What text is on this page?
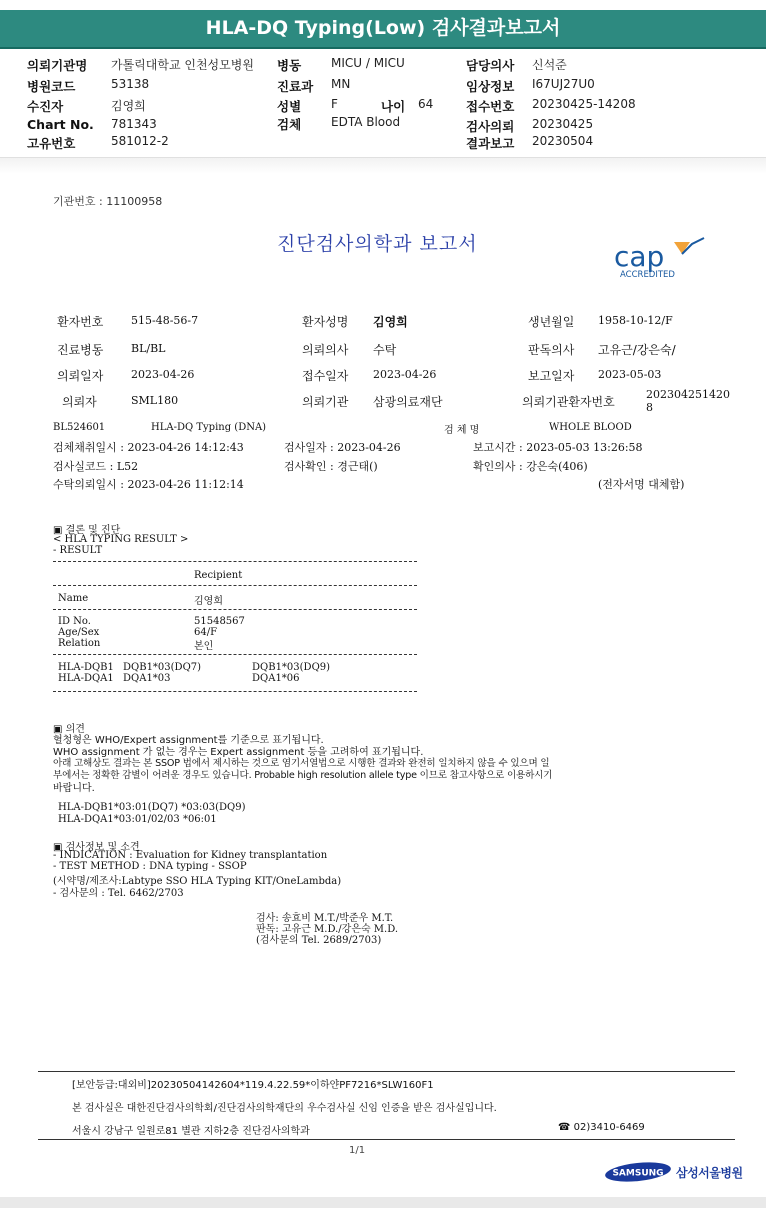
HLA-DQ Typing(Low) 검사결과보고서
의뢰기관명 가톨릭대학교 인천성모병원 병동 MICU / MICU	담당의사 신석준
병원코드	53138	진료과 MN	임상정보 I67UJ27U0
수진자	김영희	성별 F	나이 64	접수번호 20230425-14208
Chart No. 781343	검체 EDTA Blood	검사의뢰 20230425
고유번호	581012-2	결과보고 20230504
기관번호 : 11100958
진단검사의학과 보고서	cap
ACCREDITED
환자번호	515-48-56-7	환자성명 김영희	생년월일 1958-10-12/F
진료병동	BL/BL	의뢰의사 수탁	판독의사 고유근/강은숙/
의뢰일자	2023-04-26	접수일자 2023-04-26	보고일자 2023-05-03
의뢰자	SML180	의뢰기관 삼광의료재단	의뢰기관환자번호
202304251420
8
BL524601	HLA-DQ Typing (DNA)	검 체 명	WHOLE BLOOD
검체채취일시 : 2023-04-26 14:12:43	검사일자 : 2023-04-26	보고시간 : 2023-05-03 13:26:58
검사실코드 : L52	검사확인 : 경근태()	확인의사 : 강은숙(406)
수탁의뢰일시 : 2023-04-26 11:12:14	(전자서명 대체함)
▣ 결론 및 진단
< HLA TYPING RESULT >
- RESULT
Recipient
Name	김영희
ID No.	51548567
Age/Sex	64/F
Relation	본인
HLA-DQB1 DQB1*03(DQ7)	DQB1*03(DQ9)
HLA-DQA1 DQA1*03	DQA1*06
▣ 의견
혈청형은 WHO/Expert assignment를 기준으로 표기됩니다.
WHO assignment 가 없는 경우는 Expert assignment 등을 고려하여 표기됩니다.
아래 고해상도 결과는 본 SSOP 법에서 제시하는 것으로 염기서열법으로 시행한 결과와 완전히 일치하지 않을 수 있으며 일
부에서는 정확한 감별이 어려운 경우도 있습니다. Probable high resolution allele type 이므로 참고사항으로 이용하시기
바랍니다.
HLA-DQB1*03:01(DQ7) *03:03(DQ9)
HLA-DQA1*03:01/02/03 *06:01
▣ 검사정보 및 소견
- INDICATION : Evaluation for Kidney transplantation
- TEST METHOD : DNA typing - SSOP
(시약명/제조사:Labtype SSO HLA Typing KIT/OneLambda)
- 검사문의 : Tel. 6462/2703
검사: 송효비 M.T./박준우 M.T.
판독: 고유근 M.D./강은숙 M.D.
(검사문의 Tel. 2689/2703)
[보안등급:대외비]20230504142604*119.4.22.59*이하얀PF7216*SLW160F1
본 검사실은 대한진단검사의학회/진단검사의학재단의 우수검사실 신임 인증을 받은 검사실입니다.
서울시 강남구 일원로81 별관 지하2층 진단검사의학과	☎ 02)3410-6469
1/1
SAMSUNG 삼성서울병원
